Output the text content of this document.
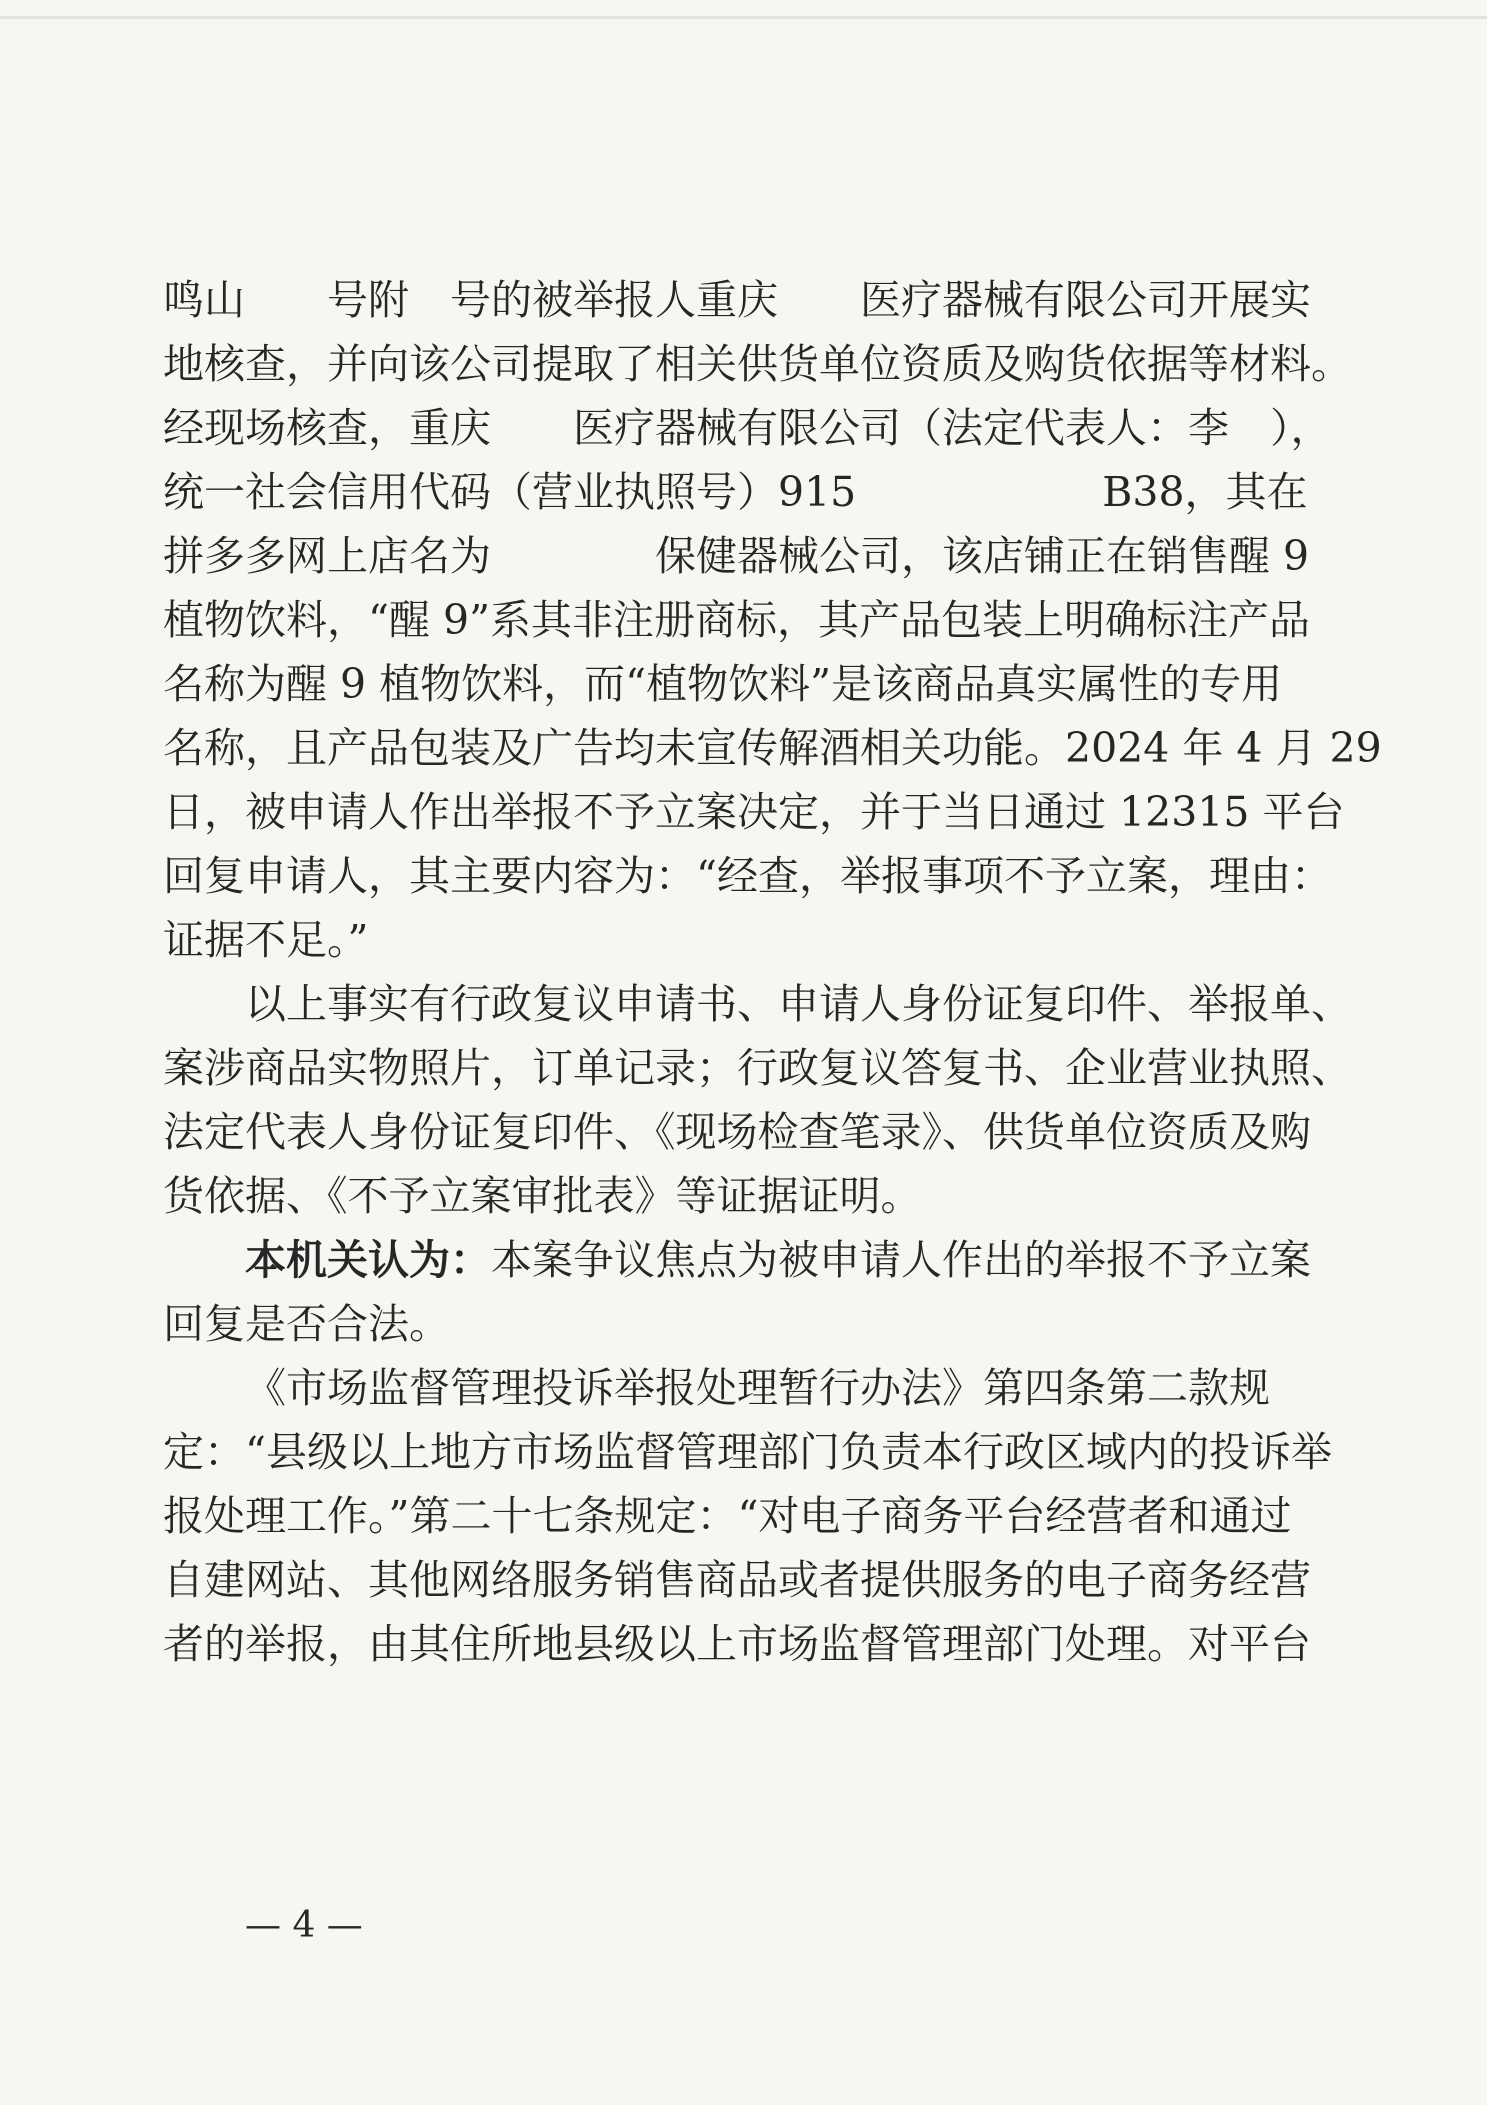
鸣山　　号附　号的被举报人重庆　　医疗器械有限公司开展实
地核查，并向该公司提取了相关供货单位资质及购货依据等材料。
经现场核查，重庆　　医疗器械有限公司（法定代表人：李　），
统一社会信用代码（营业执照号）915　　　　　　B38，其在
拼多多网上店名为　　　　保健器械公司，该店铺正在销售醒 9
植物饮料，“醒 9”系其非注册商标，其产品包装上明确标注产品
名称为醒 9 植物饮料，而“植物饮料”是该商品真实属性的专用
名称，且产品包装及广告均未宣传解酒相关功能。2024 年 4 月 29
日，被申请人作出举报不予立案决定，并于当日通过 12315 平台
回复申请人，其主要内容为：“经查，举报事项不予立案，理由：
证据不足。”
以上事实有行政复议申请书、申请人身份证复印件、举报单、
案涉商品实物照片，订单记录；行政复议答复书、企业营业执照、
法定代表人身份证复印件、《现场检查笔录》、供货单位资质及购
货依据、《不予立案审批表》等证据证明。
本机关认为：本案争议焦点为被申请人作出的举报不予立案
回复是否合法。
《市场监督管理投诉举报处理暂行办法》第四条第二款规
定：“县级以上地方市场监督管理部门负责本行政区域内的投诉举
报处理工作。”第二十七条规定：“对电子商务平台经营者和通过
自建网站、其他网络服务销售商品或者提供服务的电子商务经营
者的举报，由其住所地县级以上市场监督管理部门处理。对平台
— 4 —
